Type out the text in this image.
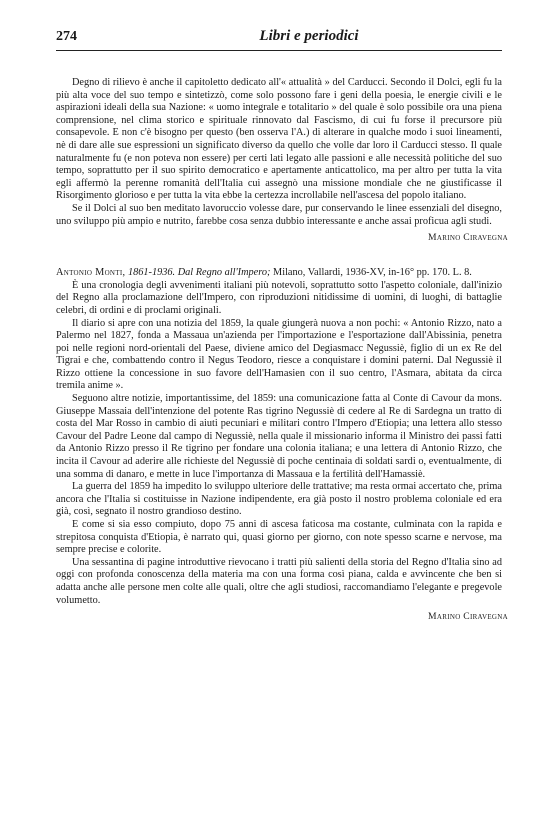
274	Libri e periodici

Degno di rilievo è anche il capitoletto dedicato all'« attualità » del Carducci. Secondo il Dolci, egli fu la più alta voce del suo tempo e sintetizzò, come solo possono fare i geni della poesia, le energie civili e le aspirazioni ideali della sua Nazione: « uomo integrale e totalitario » del quale è solo possibile ora una piena comprensione, nel clima storico e spirituale rinnovato dal Fascismo, di cui fu forse il precursore più consapevole. E non c'è bisogno per questo (ben osserva l'A.) di alterare in qualche modo i suoi lineamenti, nè di dare alle sue espressioni un significato diverso da quello che volle dar loro il Carducci stesso. Il quale naturalmente fu (e non poteva non essere) per certi lati legato alle passioni e alle necessità politiche del suo tempo, soprattutto per il suo spirito democratico e apertamente anticattolico, ma per altro per tutta la vita egli affermò la perenne romanità dell'Italia cui assegnò una missione mondiale che ne giustificasse il Risorgimento glorioso e per tutta la vita ebbe la certezza incrollabile nell'ascesa del popolo italiano.

Se il Dolci al suo ben meditato lavoruccio volesse dare, pur conservando le linee essenziali del disegno, uno sviluppo più ampio e nutrito, farebbe cosa senza dubbio interessante e anche assai proficua agli studi.

Marino Ciravegna
Antonio Monti, 1861-1936. Dal Regno all'Impero; Milano, Vallardi, 1936-XV, in-16° pp. 170. L. 8.

È una cronologia degli avvenimenti italiani più notevoli, soprattutto sotto l'aspetto coloniale, dall'inizio del Regno alla proclamazione dell'Impero, con riproduzioni nitidissime di uomini, di luoghi, di battaglie celebri, di ordini e di proclami originali.

Il diario si apre con una notizia del 1859, la quale giungerà nuova a non pochi: « Antonio Rizzo, nato a Palermo nel 1827, fonda a Massaua un'azienda per l'importazione e l'esportazione dall'Abissinia, penetra poi nelle regioni nord-orientali del Paese, diviene amico del Degiasmacc Negussiè, figlio di un ex Re del Tigrai e che, combattendo contro il Negus Teodoro, riesce a conquistare i domini paterni. Dal Negussiè il Rizzo ottiene la concessione in suo favore dell'Hamasien con il suo centro, l'Asmara, abitata da circa tremila anime ».

Seguono altre notizie, importantissime, del 1859: una comunicazione fatta al Conte di Cavour da mons. Giuseppe Massaia dell'intenzione del potente Ras tigrino Negussiè di cedere al Re di Sardegna un tratto di costa del Mar Rosso in cambio di aiuti pecuniari e militari contro l'Impero d'Etiopia; una lettera allo stesso Cavour del Padre Leone dal campo di Negussiè, nella quale il missionario informa il Ministro dei passi fatti da Antonio Rizzo presso il Re tigrino per fondare una colonia italiana; e una lettera di Antonio Rizzo, che incita il Cavour ad aderire alle richieste del Negussiè di poche centinaia di soldati sardi o, eventualmente, di una somma di danaro, e mette in luce l'importanza di Massaua e la fertilità dell'Hamassiè.

La guerra del 1859 ha impedito lo sviluppo ulteriore delle trattative; ma resta ormai accertato che, prima ancora che l'Italia si costituisse in Nazione indipendente, era già posto il nostro problema coloniale ed era già, così, segnato il nostro grandioso destino.

E come si sia esso compiuto, dopo 75 anni di ascesa faticosa ma costante, culminata con la rapida e strepitosa conquista d'Etiopia, è narrato qui, quasi giorno per giorno, con note spesso scarne e nervose, ma sempre precise e colorite.

Una sessantina di pagine introduttive rievocano i tratti più salienti della storia del Regno d'Italia sino ad oggi con profonda conoscenza della materia ma con una forma così piana, calda e avvincente che ben si adatta anche alle persone men colte alle quali, oltre che agli studiosi, raccomandiamo l'elegante e pregevole volumetto.

Marino Ciravegna
